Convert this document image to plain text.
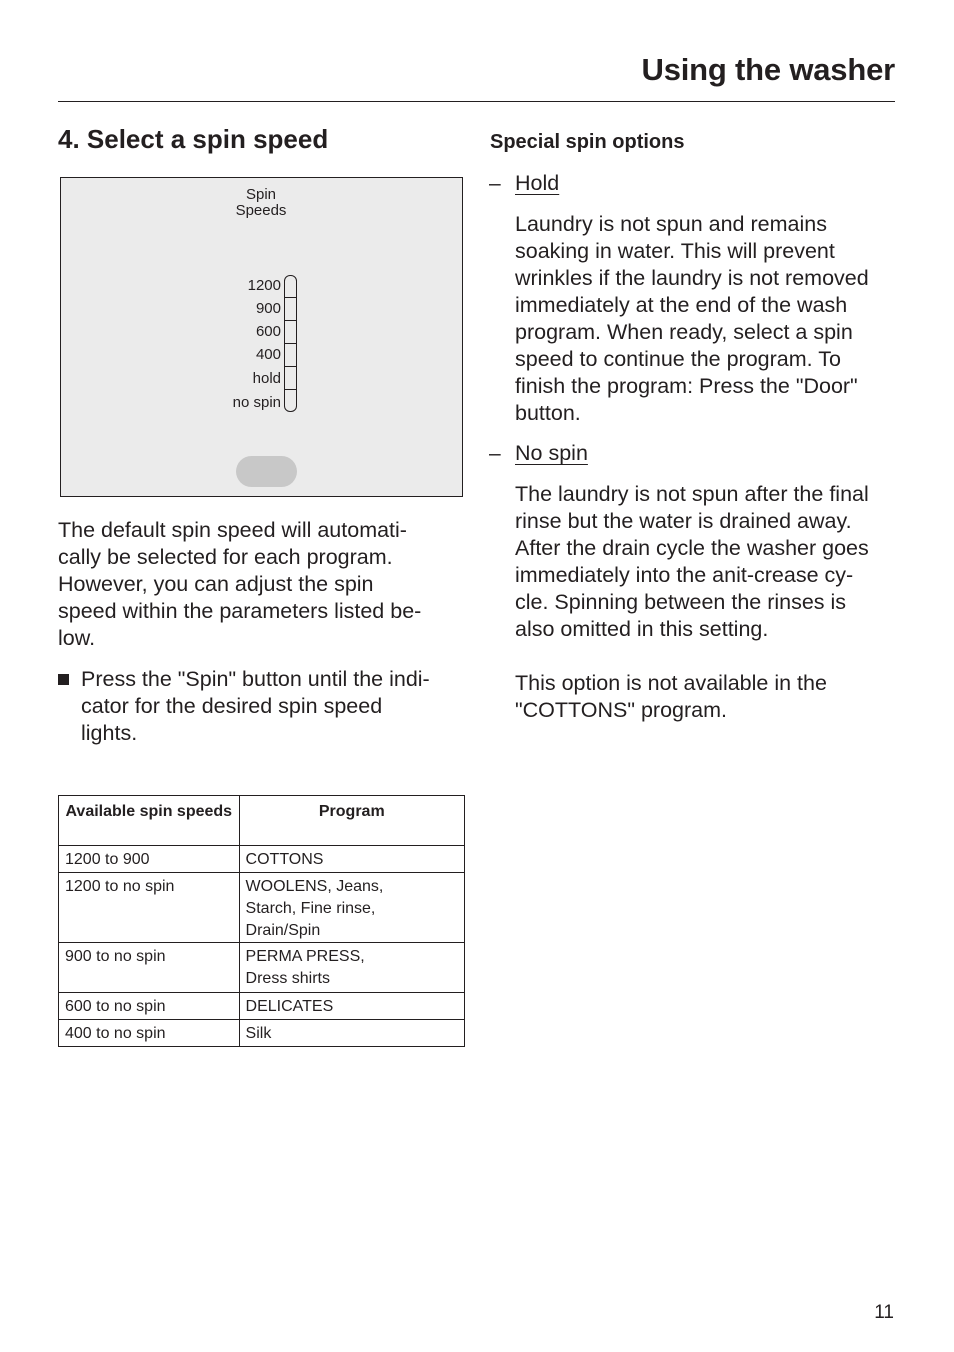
Using the washer
4. Select a spin speed
Spin
Speeds
1200
900
600
400
hold
no spin
The default spin speed will automati-
cally be selected for each program.
However, you can adjust the spin
speed within the parameters listed be-
low.
Press the "Spin" button until the indi-
cator for the desired spin speed
lights.
Available spin speeds	Program
1200 to 900	COTTONS

1200 to no spin	WOOLENS, Jeans,
Starch, Fine rinse,
Drain/Spin

900 to no spin	PERMA PRESS,
Dress shirts

600 to no spin	DELICATES

400 to no spin	Silk
Special spin options
– Hold
Laundry is not spun and remains
soaking in water. This will prevent
wrinkles if the laundry is not removed
immediately at the end of the wash
program. When ready, select a spin
speed to continue the program. To
finish the program: Press the "Door"
button.
– No spin
The laundry is not spun after the final
rinse but the water is drained away.
After the drain cycle the washer goes
immediately into the anit-crease cy-
cle. Spinning between the rinses is
also omitted in this setting.
This option is not available in the
"COTTONS" program.
11
